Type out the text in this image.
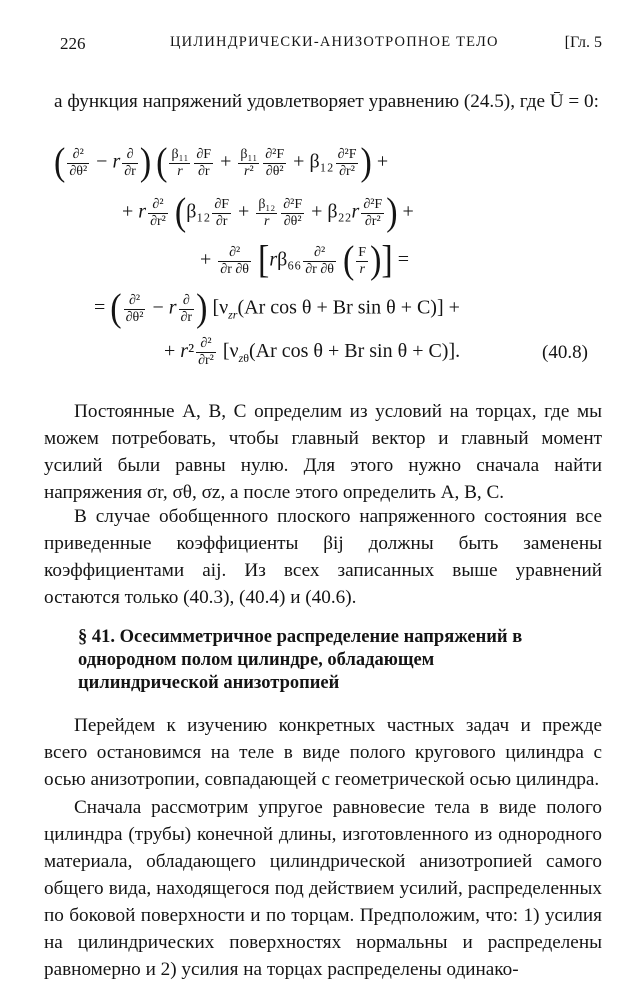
226	ЦИЛИНДРИЧЕСКИ-АНИЗОТРОПНОЕ ТЕЛО	[Гл. 5
а функция напряжений удовлетворяет уравнению (24.5), где Ū = 0:
( $\frac{\text{∂²}}{\text{∂θ²}} - r \frac{\partial}{\partial r}$ ) ( $\frac{\text{β₁₁}}{r} \frac{\partial F}{\partial r} + \frac{\text{β₁₁}}{\text{r²}} \frac{\text{∂²F}}{\text{∂θ²}} + \beta_{12} \frac{\text{∂²F}}{\text{∂r²}}$ ) +
+ r $\frac{\text{∂²}}{\text{∂r²}} (\beta_{12} \frac{\partial F}{\partial r} + \frac{\text{β₁₂}}{r} \frac{\text{∂²F}}{\text{∂θ²}} + \beta_{22}r \frac{\text{∂²F}}{\text{∂r²}}$ ) +
+ $\frac{\text{∂²}}{\partial r \partial\theta} [r\beta_{66} \frac{\text{∂²}}{\partial r \partial\theta}$ ( $\frac{F}{r}$ )] =
= ( $\frac{\text{∂²}}{\text{∂θ²}} - r \frac{\partial}{\partial r}$ ) [$\nu_{zr}(Ar$ cos θ + Br sin θ + C)] +
+ $r^2 \frac{\text{∂²}}{\text{∂r²}} [\nu_{z\theta}(Ar$ cos θ + Br sin θ + C)].	(40.8)
Постоянные A, B, C определим из условий на торцах, где мы можем потребовать, чтобы главный вектор и главный момент усилий были равны нулю. Для этого нужно сначала найти напряжения σr, σθ, σz, а после этого определить A, B, C.
В случае обобщенного плоского напряженного состояния все приведенные коэффициенты βij должны быть заменены коэффициентами aij. Из всех записанных выше уравнений остаются только (40.3), (40.4) и (40.6).
§ 41. Осесимметричное распределение напряжений в однородном полом цилиндре, обладающем цилиндрической анизотропией
Перейдем к изучению конкретных частных задач и прежде всего остановимся на теле в виде полого кругового цилиндра с осью анизотропии, совпадающей с геометрической осью цилиндра.
Сначала рассмотрим упругое равновесие тела в виде полого цилиндра (трубы) конечной длины, изготовленного из однородного материала, обладающего цилиндрической анизотропией самого общего вида, находящегося под действием усилий, распределенных по боковой поверхности и по торцам. Предположим, что: 1) усилия на цилиндрических поверхностях нормальны и распределены равномерно и 2) усилия на торцах распределены одинако-
